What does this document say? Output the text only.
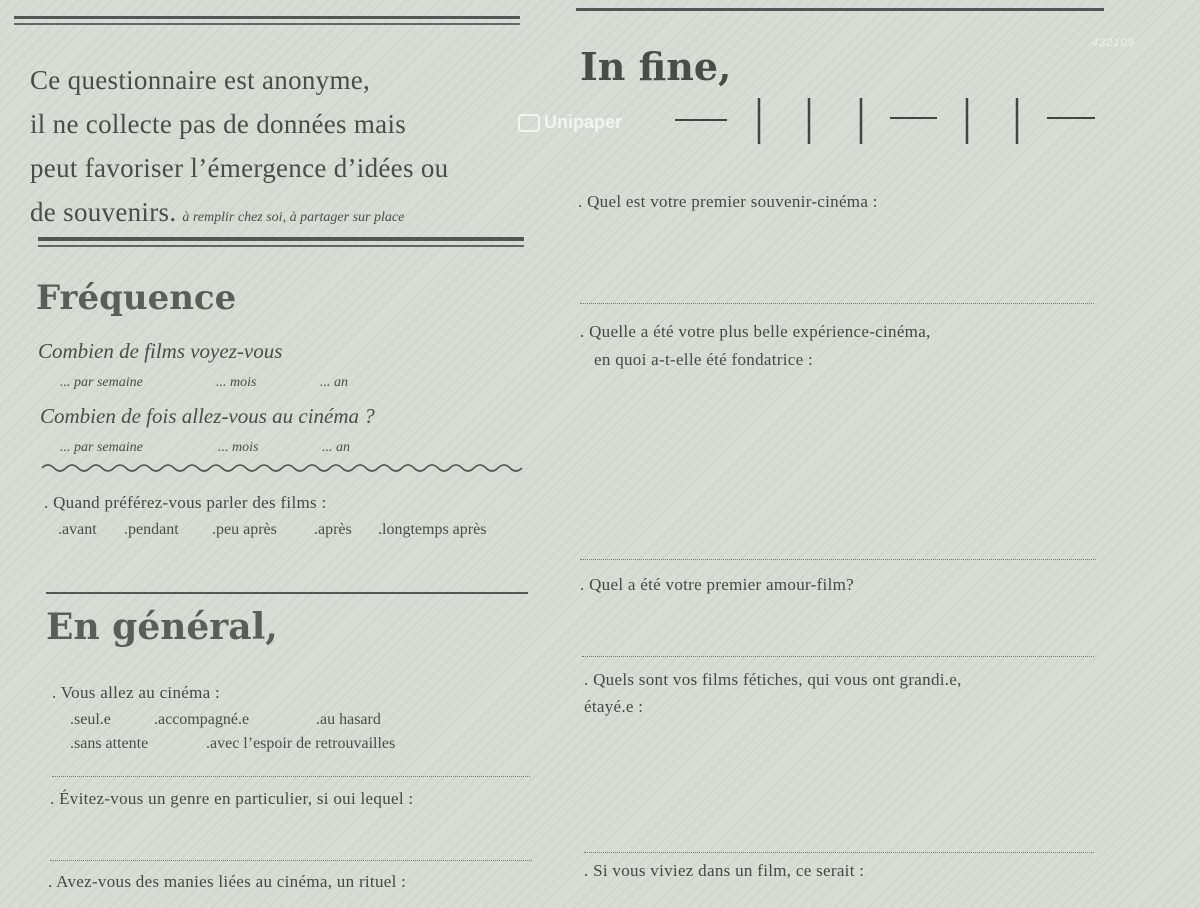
432109
Unipaper
Ce questionnaire est anonyme,
il ne collecte pas de données mais
peut favoriser l’émergence d’idées ou
de souvenirs. à remplir chez soi, à partager sur place
Fréquence
Combien de films voyez-vous
... par semaine	... mois	... an
Combien de fois allez-vous au cinéma ?
... par semaine	... mois	... an
. Quand préférez-vous parler des films :
.avant .pendant .peu après .après .longtemps après
En général,
. Vous allez au cinéma :
.seul.e	.accompagné.e	.au hasard
.sans attente	.avec l’espoir de retrouvailles
. Évitez-vous un genre en particulier, si oui lequel :
. Avez-vous des manies liées au cinéma, un rituel :
In fine,
. Quel est votre premier souvenir-cinéma :
. Quelle a été votre plus belle expérience-cinéma,
en quoi a-t-elle été fondatrice :
. Quel a été votre premier amour-film?
. Quels sont vos films fétiches, qui vous ont grandi.e,
étayé.e :
. Si vous viviez dans un film, ce serait :
